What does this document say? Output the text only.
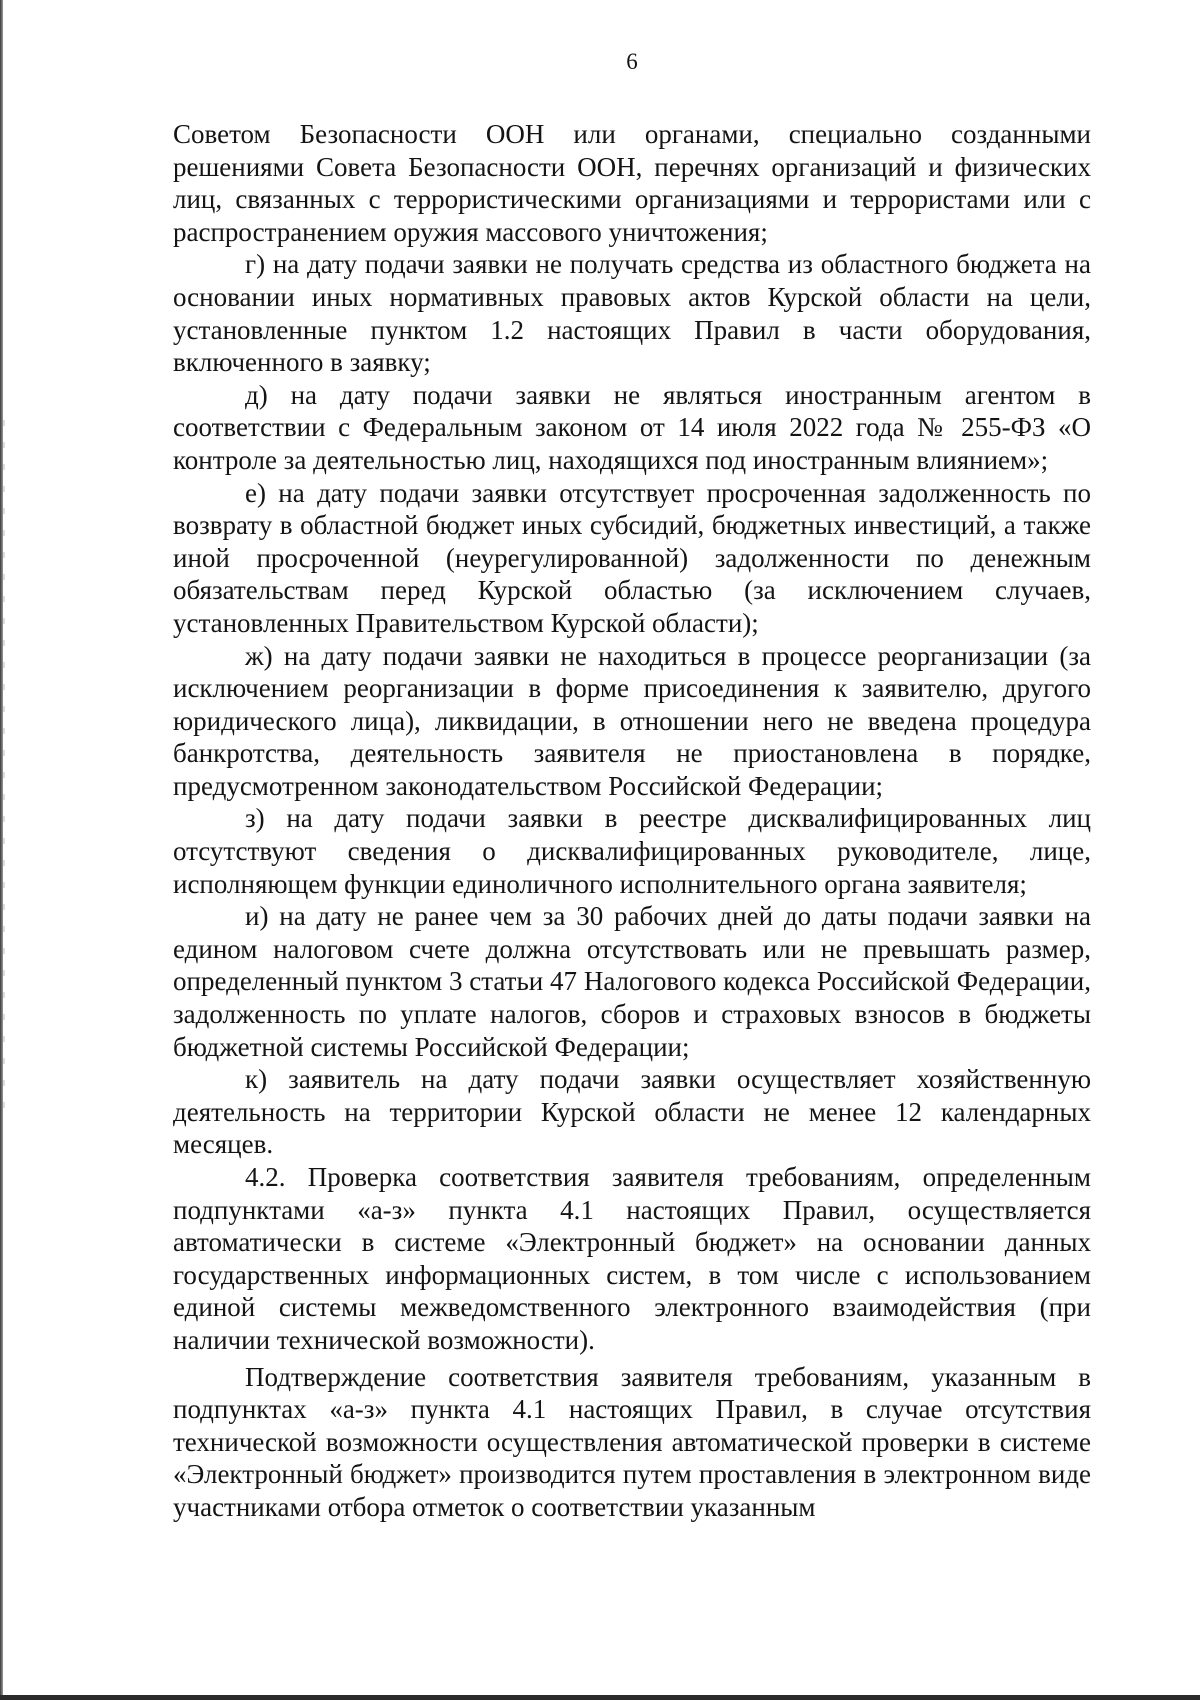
6

Советом Безопасности ООН или органами, специально созданными решениями Совета Безопасности ООН, перечнях организаций и физических лиц, связанных с террористическими организациями и террористами или с распространением оружия массового уничтожения;

г) на дату подачи заявки не получать средства из областного бюджета на основании иных нормативных правовых актов Курской области на цели, установленные пунктом 1.2 настоящих Правил в части оборудования, включенного в заявку;

д) на дату подачи заявки не являться иностранным агентом в соответствии с Федеральным законом от 14 июля 2022 года № 255-ФЗ «О контроле за деятельностью лиц, находящихся под иностранным влиянием»;

е) на дату подачи заявки отсутствует просроченная задолженность по возврату в областной бюджет иных субсидий, бюджетных инвестиций, а также иной просроченной (неурегулированной) задолженности по денежным обязательствам перед Курской областью (за исключением случаев, установленных Правительством Курской области);

ж) на дату подачи заявки не находиться в процессе реорганизации (за исключением реорганизации в форме присоединения к заявителю, другого юридического лица), ликвидации, в отношении него не введена процедура банкротства, деятельность заявителя не приостановлена в порядке, предусмотренном законодательством Российской Федерации;

з) на дату подачи заявки в реестре дисквалифицированных лиц отсутствуют сведения о дисквалифицированных руководителе, лице, исполняющем функции единоличного исполнительного органа заявителя;

и) на дату не ранее чем за 30 рабочих дней до даты подачи заявки на едином налоговом счете должна отсутствовать или не превышать размер, определенный пунктом 3 статьи 47 Налогового кодекса Российской Федерации, задолженность по уплате налогов, сборов и страховых взносов в бюджеты бюджетной системы Российской Федерации;

к) заявитель на дату подачи заявки осуществляет хозяйственную деятельность на территории Курской области не менее 12 календарных месяцев.

4.2. Проверка соответствия заявителя требованиям, определенным подпунктами «а-з» пункта 4.1 настоящих Правил, осуществляется автоматически в системе «Электронный бюджет» на основании данных государственных информационных систем, в том числе с использованием единой системы межведомственного электронного взаимодействия (при наличии технической возможности).

Подтверждение соответствия заявителя требованиям, указанным в подпунктах «а-з» пункта 4.1 настоящих Правил, в случае отсутствия технической возможности осуществления автоматической проверки в системе «Электронный бюджет» производится путем проставления в электронном виде участниками отбора отметок о соответствии указанным
